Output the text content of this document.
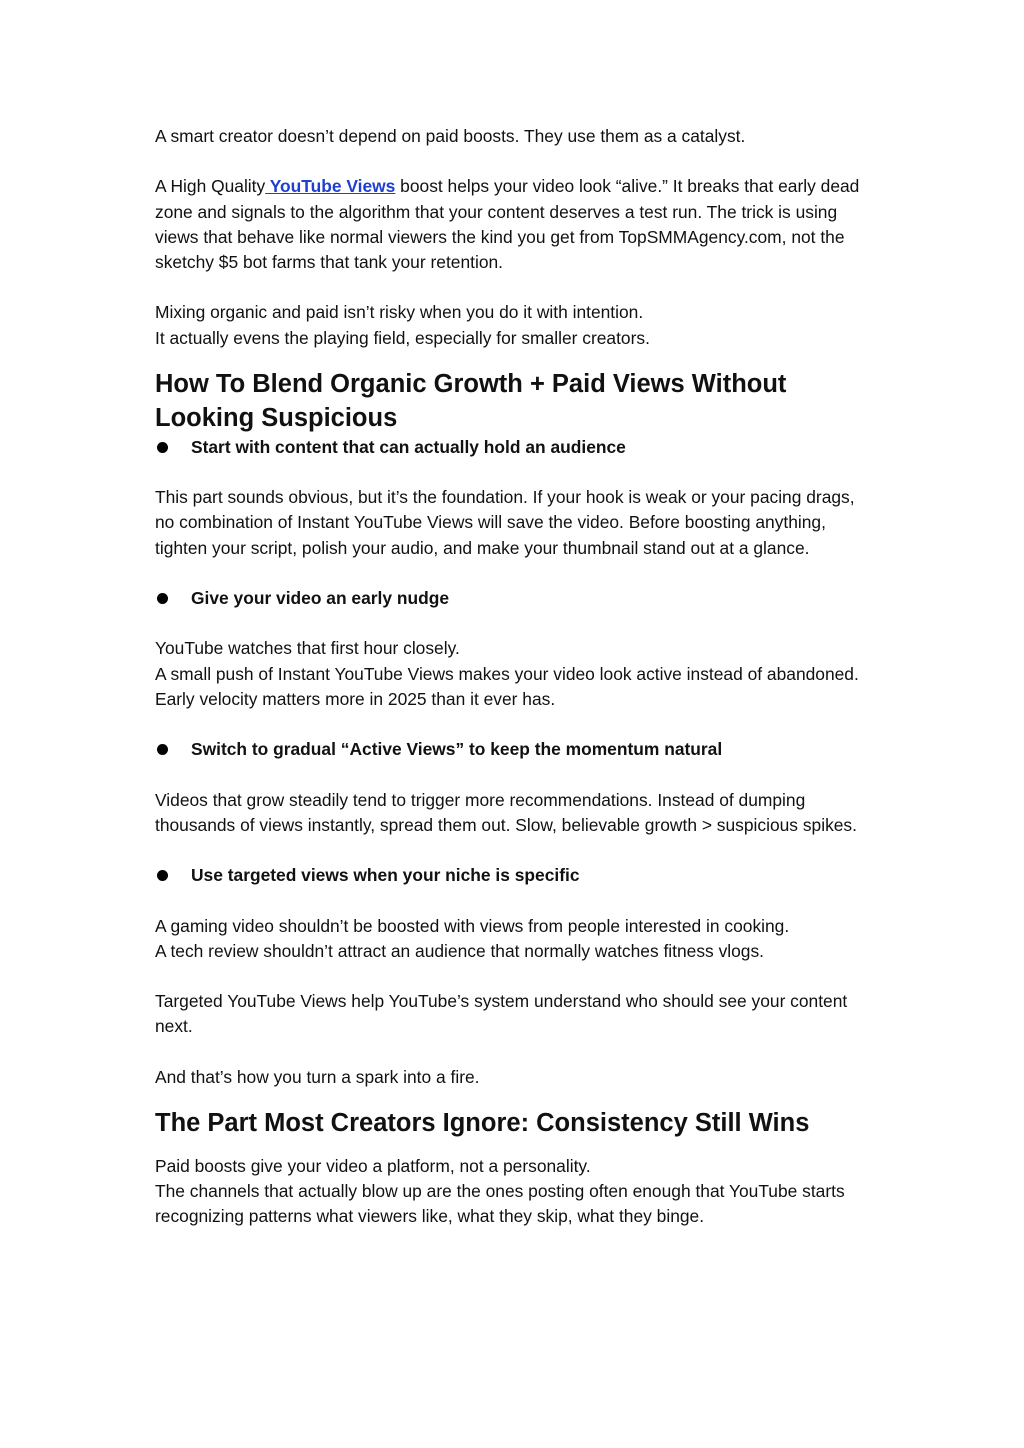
A smart creator doesn’t depend on paid boosts. They use them as a catalyst.

A High Quality YouTube Views boost helps your video look “alive.” It breaks that early dead zone and signals to the algorithm that your content deserves a test run. The trick is using views that behave like normal viewers the kind you get from TopSMMAgency.com, not the sketchy $5 bot farms that tank your retention.

Mixing organic and paid isn’t risky when you do it with intention.

It actually evens the playing field, especially for smaller creators.

How To Blend Organic Growth + Paid Views Without Looking Suspicious
Start with content that can actually hold an audience

This part sounds obvious, but it’s the foundation. If your hook is weak or your pacing drags, no combination of Instant YouTube Views will save the video. Before boosting anything, tighten your script, polish your audio, and make your thumbnail stand out at a glance.

Give your video an early nudge

YouTube watches that first hour closely.

A small push of Instant YouTube Views makes your video look active instead of abandoned. Early velocity matters more in 2025 than it ever has.

Switch to gradual “Active Views” to keep the momentum natural

Videos that grow steadily tend to trigger more recommendations. Instead of dumping thousands of views instantly, spread them out. Slow, believable growth > suspicious spikes.

Use targeted views when your niche is specific

A gaming video shouldn’t be boosted with views from people interested in cooking.

A tech review shouldn’t attract an audience that normally watches fitness vlogs.

Targeted YouTube Views help YouTube’s system understand who should see your content next.

And that’s how you turn a spark into a fire.

The Part Most Creators Ignore: Consistency Still Wins

Paid boosts give your video a platform, not a personality.

The channels that actually blow up are the ones posting often enough that YouTube starts recognizing patterns what viewers like, what they skip, what they binge.
